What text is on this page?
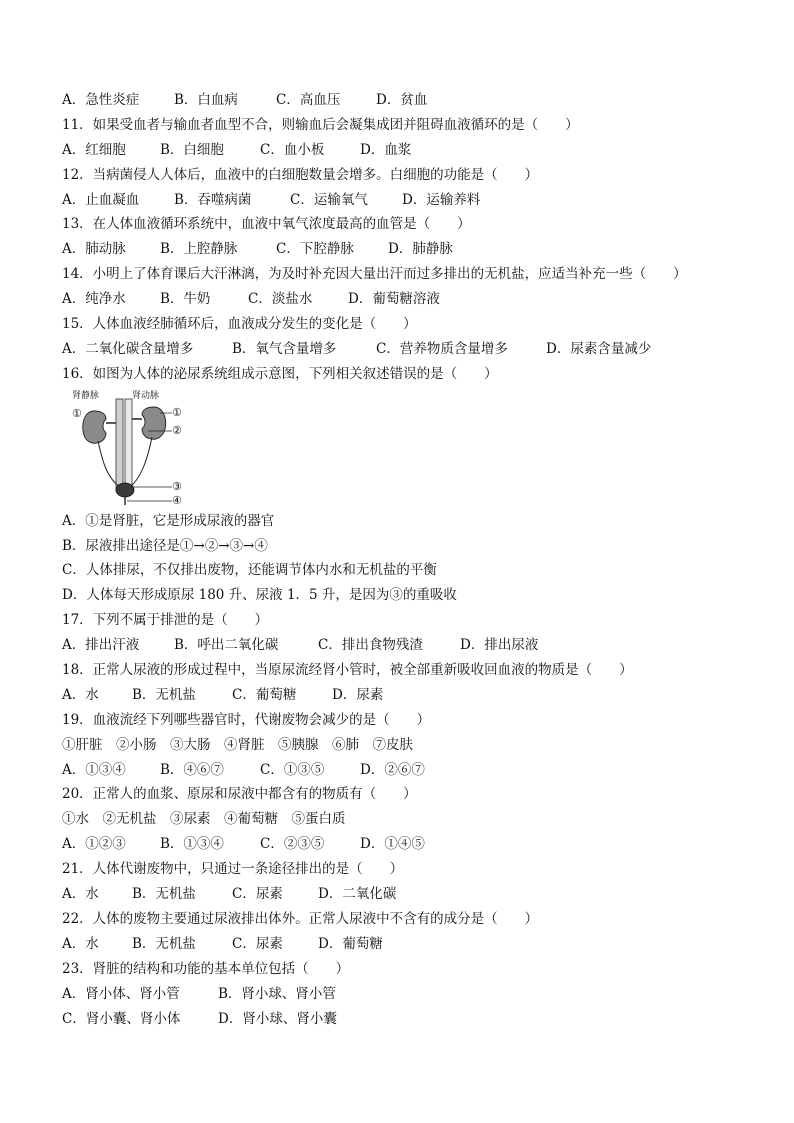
A．急性炎症	B．白血病	C．高血压	D．贫血
11．如果受血者与输血者血型不合，则输血后会凝集成团并阻碍血液循环的是（　　）
A．红细胞	B．白细胞	C．血小板	D．血浆
12．当病菌侵人人体后，血液中的白细胞数量会增多。白细胞的功能是（　　）
A．止血凝血	B．吞噬病菌	C．运输氧气	D．运输养料
13．在人体血液循环系统中，血液中氧气浓度最高的血管是（　　）
A．肺动脉	B．上腔静脉	C．下腔静脉	D．肺静脉
14．小明上了体育课后大汗淋漓，为及时补充因大量出汗而过多排出的无机盐，应适当补充一些（　　）
A．纯净水	B．牛奶	C．淡盐水	D．葡萄糖溶液
15．人体血液经肺循环后，血液成分发生的变化是（　　）
A．二氧化碳含量增多	B．氧气含量增多	C．营养物质含量增多	D．尿素含量减少
16．如图为人体的泌尿系统组成示意图，下列相关叙述错误的是（　　）
肾静脉	肾动脉
①	①
②
③
④
A．①是肾脏，它是形成尿液的器官
B．尿液排出途径是①→②→③→④
C．人体排尿，不仅排出废物，还能调节体内水和无机盐的平衡
D．人体每天形成原尿 180 升、尿液 1．5 升，是因为③的重吸收
17．下列不属于排泄的是（　　）
A．排出汗液	B．呼出二氧化碳	C．排出食物残渣	D．排出尿液
18．正常人尿液的形成过程中，当原尿流经肾小管时，被全部重新吸收回血液的物质是（　　）
A．水 B．无机盐	C．葡萄糖	D．尿素
19．血液流经下列哪些器官时，代谢废物会减少的是（　　）
①肝脏　②小肠　③大肠　④肾脏　⑤胰腺　⑥肺　⑦皮肤
A．①③④	B．④⑥⑦	C．①③⑤	D．②⑥⑦
20．正常人的血浆、原尿和尿液中都含有的物质有（　　）
①水　②无机盐　③尿素　④葡萄糖　⑤蛋白质
A．①②③	B．①③④	C．②③⑤	D．①④⑤
21．人体代谢废物中，只通过一条途径排出的是（　　）
A．水 B．无机盐	C．尿素	D．二氧化碳
22．人体的废物主要通过尿液排出体外。正常人尿液中不含有的成分是（　　）
A．水 B．无机盐	C．尿素	D．葡萄糖
23．肾脏的结构和功能的基本单位包括（　　）
A．肾小体、肾小管	B．肾小球、肾小管
C．肾小囊、肾小体	D．肾小球、肾小囊
